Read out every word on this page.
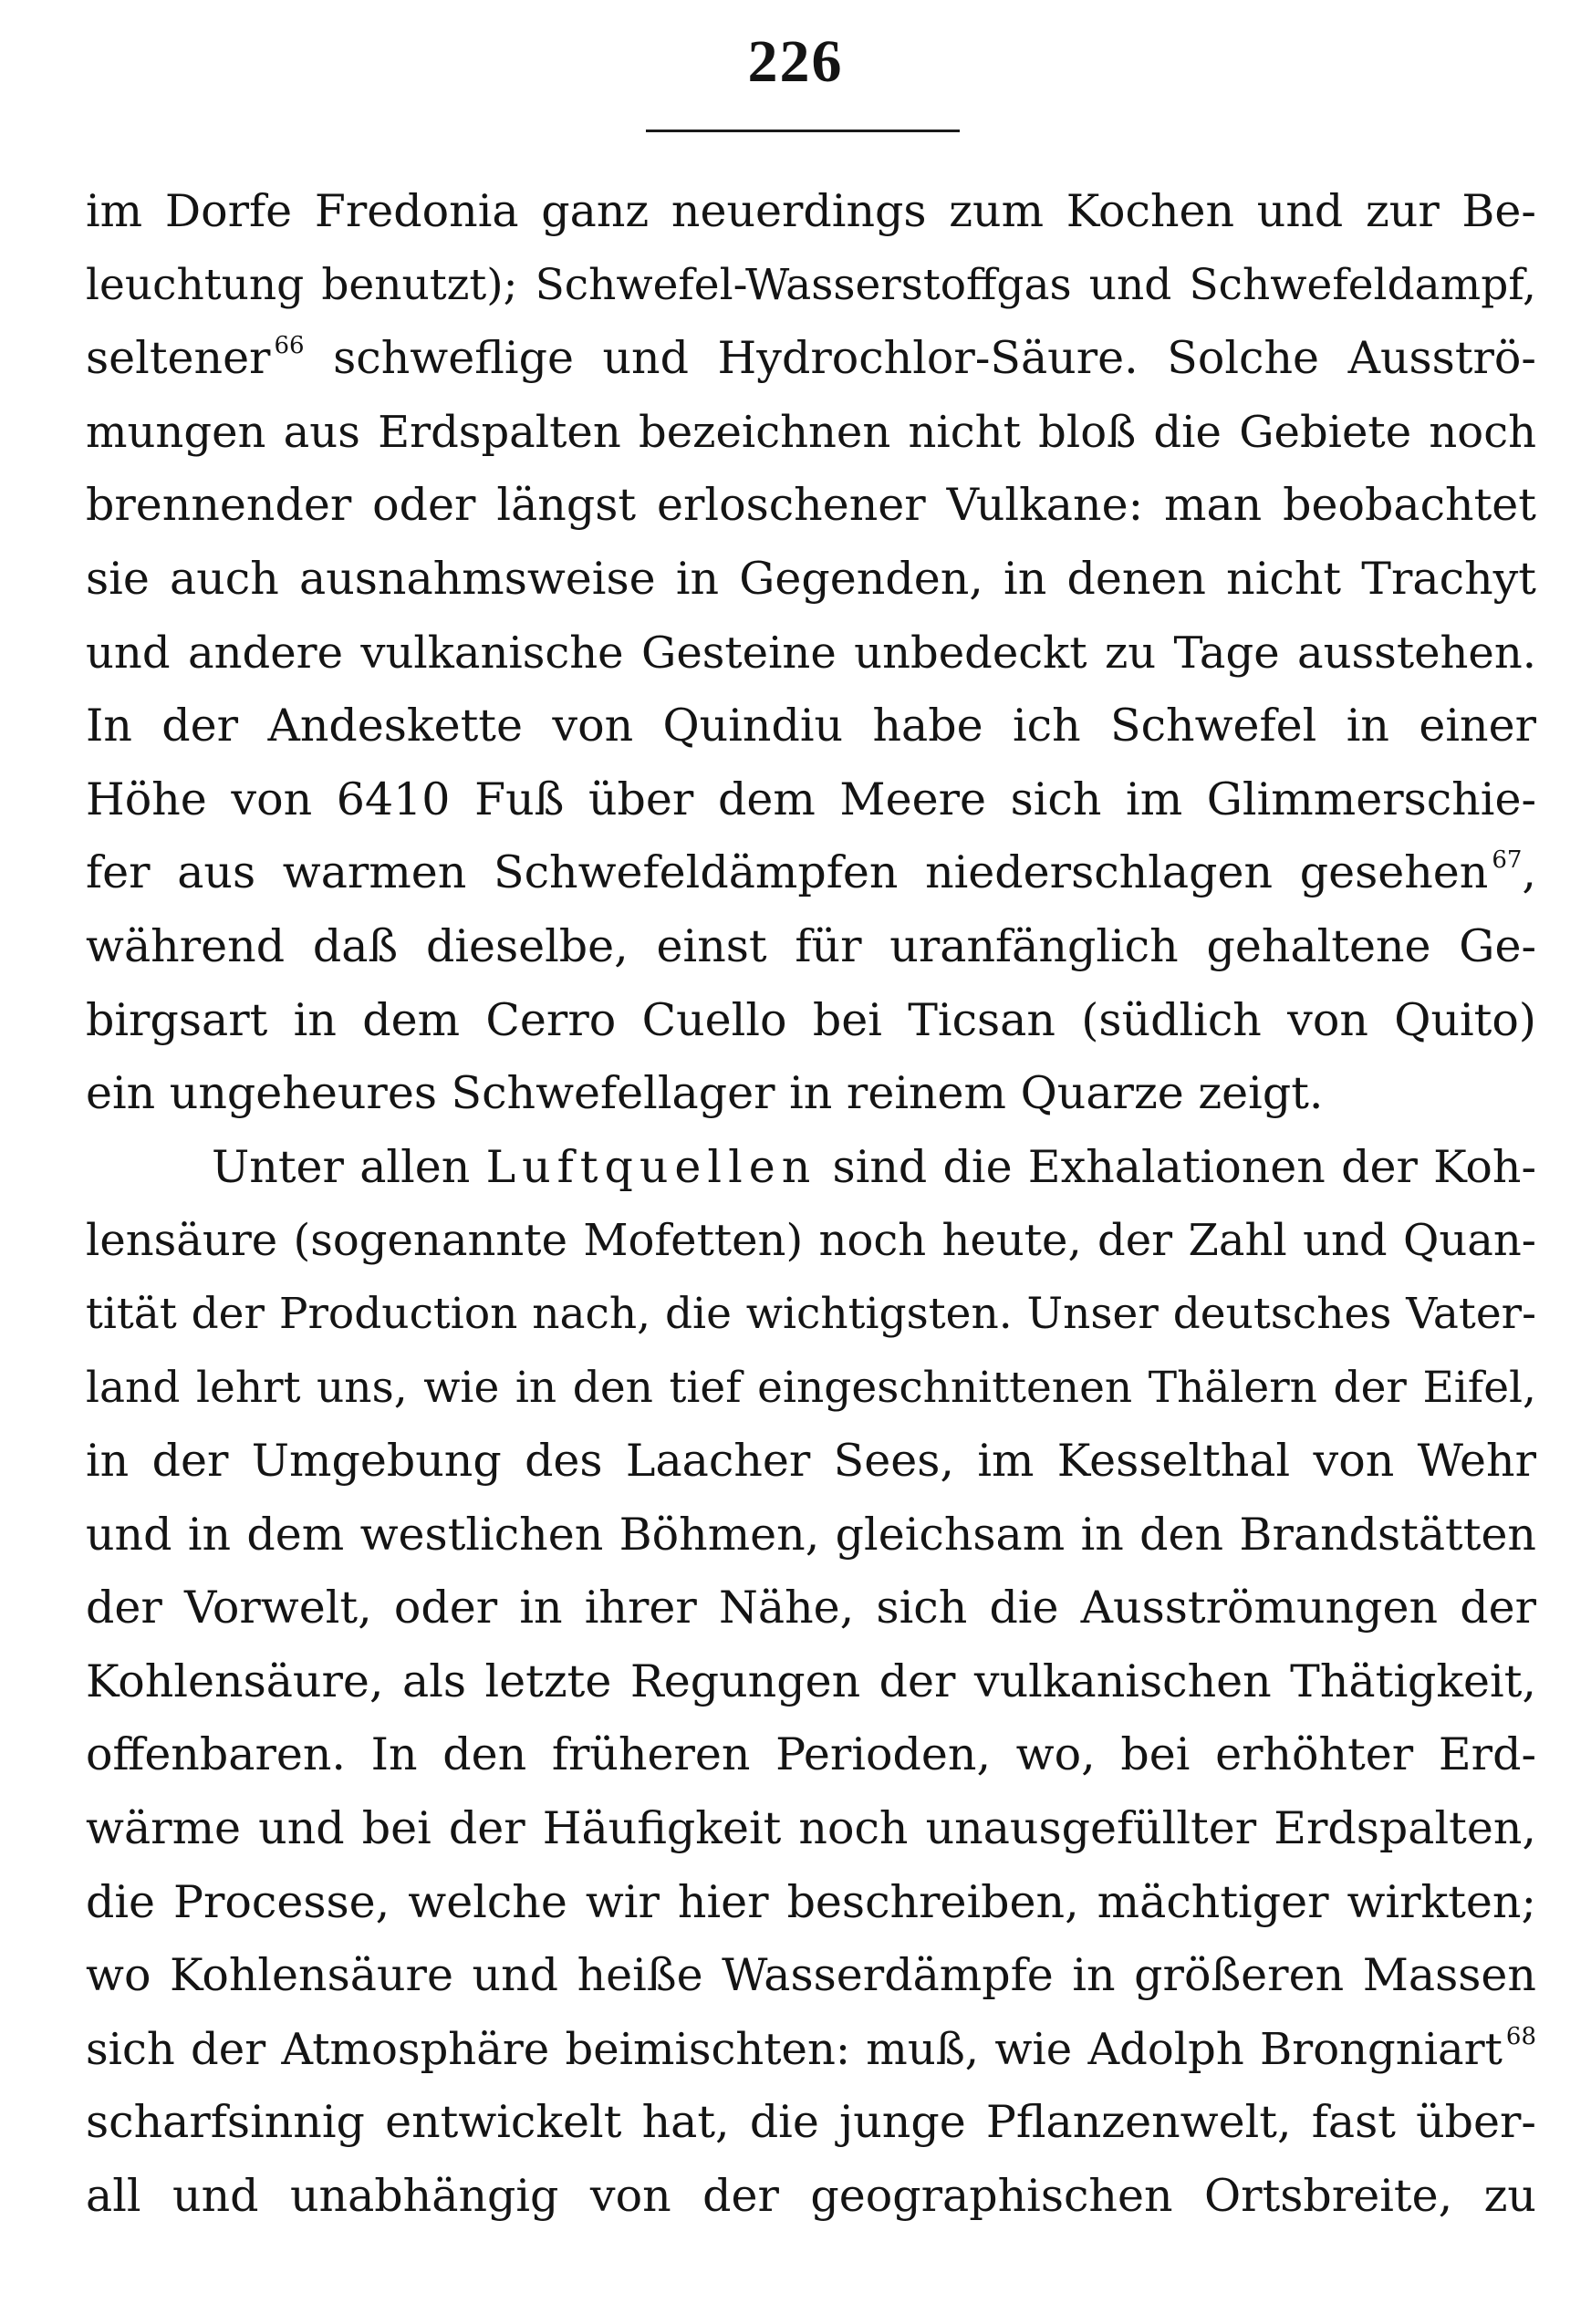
226
im Dorfe Fredonia ganz neuerdings zum Kochen und zur Be-
leuchtung benutzt); Schwefel-Wasserstoffgas und Schwefeldampf,
seltener $^{66}$ schweflige und Hydrochlor-Säure. Solche Ausströ-
mungen aus Erdspalten bezeichnen nicht bloß die Gebiete noch
brennender oder längst erloschener Vulkane: man beobachtet
sie auch ausnahmsweise in Gegenden, in denen nicht Trachyt
und andere vulkanische Gesteine unbedeckt zu Tage ausstehen.
In der Andeskette von Quindiu habe ich Schwefel in einer
Höhe von 6410 Fuß über dem Meere sich im Glimmerschie-
fer aus warmen Schwefeldämpfen niederschlagen gesehen $^{67}$,
während daß dieselbe, einst für uranfänglich gehaltene Ge-
birgsart in dem Cerro Cuello bei Ticsan (südlich von Quito)
ein ungeheures Schwefellager in reinem Quarze zeigt.
Unter allen Luftquellen sind die Exhalationen der Koh-
lensäure (sogenannte Mofetten) noch heute, der Zahl und Quan-
tität der Production nach, die wichtigsten. Unser deutsches Vater-
land lehrt uns, wie in den tief eingeschnittenen Thälern der Eifel,
in der Umgebung des Laacher Sees, im Kesselthal von Wehr
und in dem westlichen Böhmen, gleichsam in den Brandstätten
der Vorwelt, oder in ihrer Nähe, sich die Ausströmungen der
Kohlensäure, als letzte Regungen der vulkanischen Thätigkeit,
offenbaren. In den früheren Perioden, wo, bei erhöhter Erd-
wärme und bei der Häufigkeit noch unausgefüllter Erdspalten,
die Processe, welche wir hier beschreiben, mächtiger wirkten;
wo Kohlensäure und heiße Wasserdämpfe in größeren Massen
sich der Atmosphäre beimischten: muß, wie Adolph Brongniart $^{68}$
scharfsinnig entwickelt hat, die junge Pflanzenwelt, fast über-
all und unabhängig von der geographischen Ortsbreite, zu
